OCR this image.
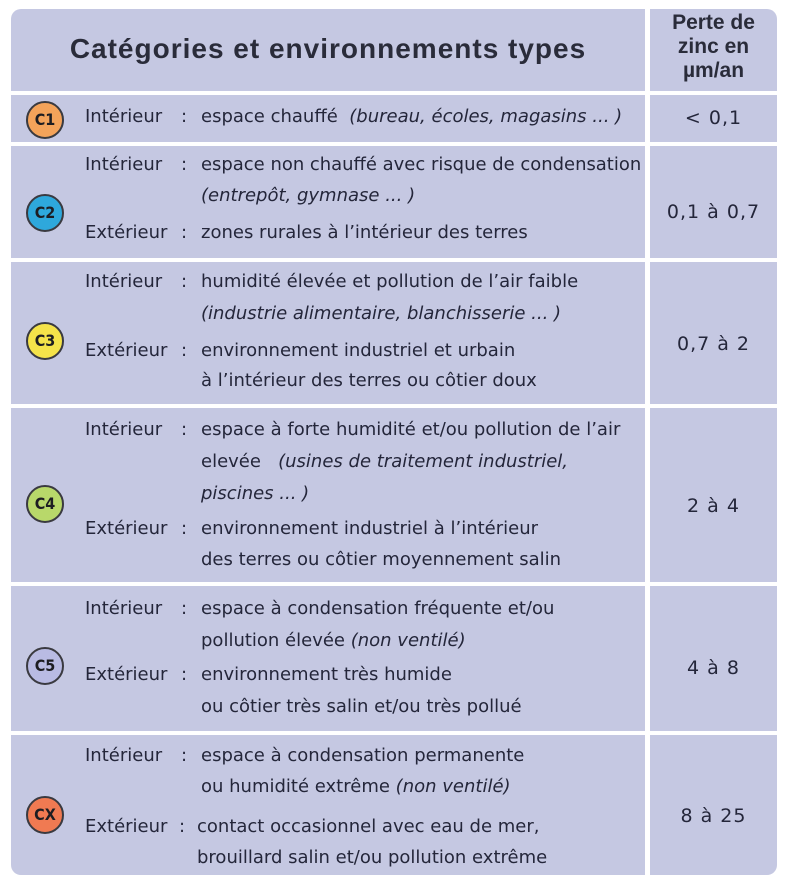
Catégories et environnements types
Perte de
zinc en
µm/an
C1	Intérieur : espace chauffé (bureau, écoles, magasins ... )	< 0,1
C2
Intérieur : espace non chauffé avec risque de condensation
(entrepôt, gymnase ... )
Extérieur : zones rurales à l’intérieur des terres
0,1 à 0,7
C3
Intérieur : humidité élevée et pollution de l’air faible
(industrie alimentaire, blanchisserie ... )
Extérieur : environnement industriel et urbain
à l’intérieur des terres ou côtier doux
0,7 à 2
C4
Intérieur : espace à forte humidité et/ou pollution de l’air
elevée (usines de traitement industriel,
piscines ... )
Extérieur : environnement industriel à l’intérieur
des terres ou côtier moyennement salin
2 à 4
C5
Intérieur : espace à condensation fréquente et/ou
pollution élevée (non ventilé)
Extérieur : environnement très humide
ou côtier très salin et/ou très pollué
4 à 8
CX
Intérieur : espace à condensation permanente
ou humidité extrême (non ventilé)
Extérieur : contact occasionnel avec eau de mer,
brouillard salin et/ou pollution extrême
8 à 25
